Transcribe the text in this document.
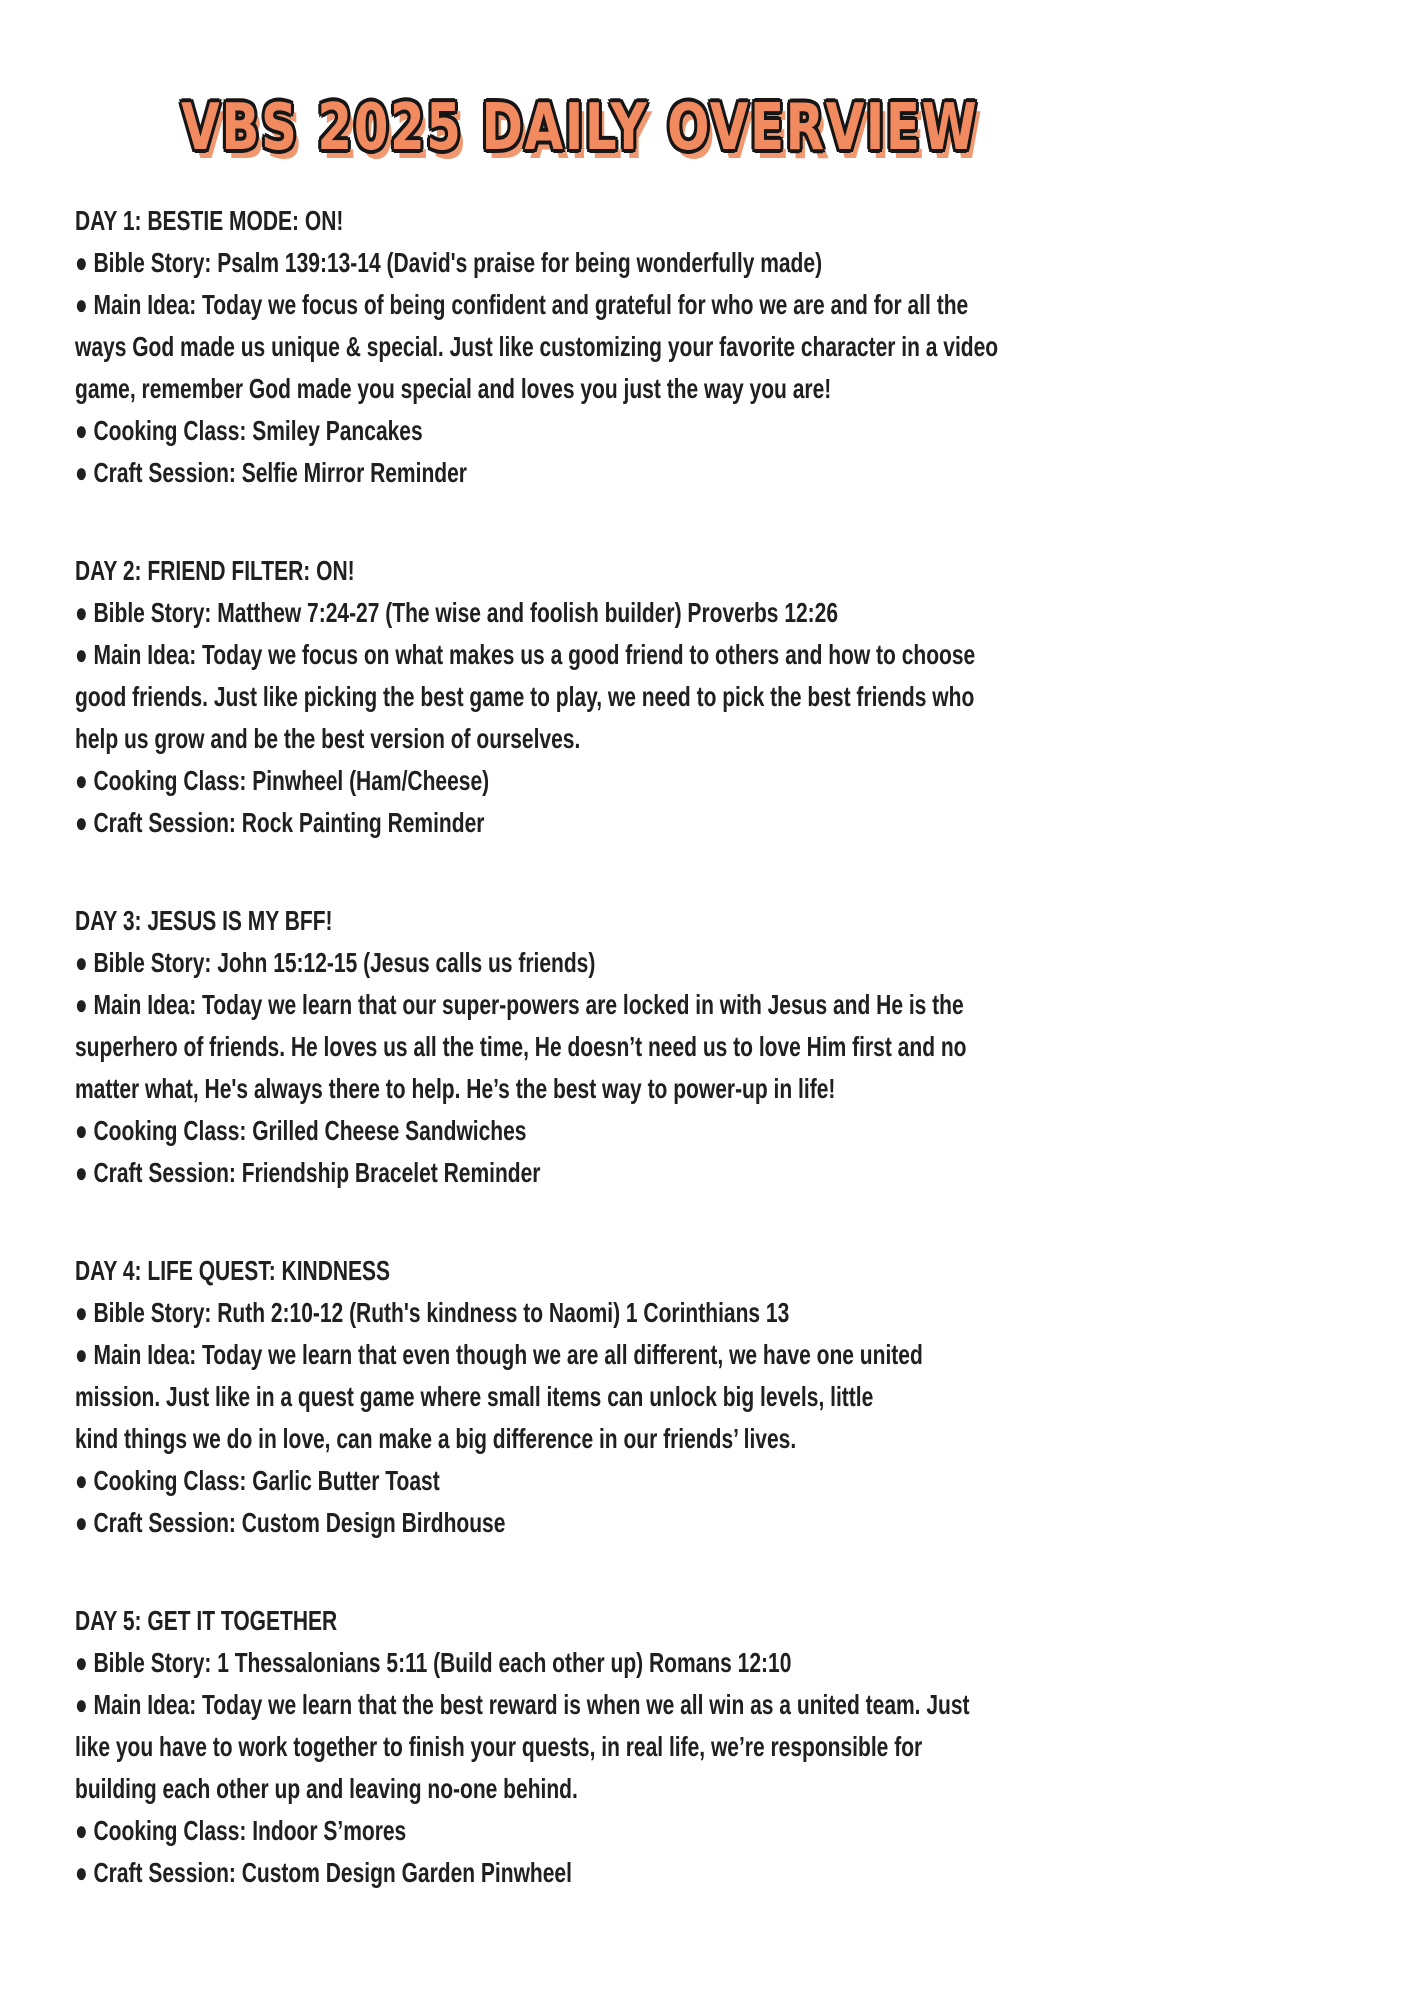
VBS 2025 DAILY OVERVIEW
DAY 1: BESTIE MODE: ON!
● Bible Story: Psalm 139:13-14 (David's praise for being wonderfully made)
● Main Idea: Today we focus of being confident and grateful for who we are and for all the
ways God made us unique & special. Just like customizing your favorite character in a video
game, remember God made you special and loves you just the way you are!
● Cooking Class: Smiley Pancakes
● Craft Session: Selfie Mirror Reminder
DAY 2: FRIEND FILTER: ON!
● Bible Story: Matthew 7:24-27 (The wise and foolish builder) Proverbs 12:26
● Main Idea: Today we focus on what makes us a good friend to others and how to choose
good friends. Just like picking the best game to play, we need to pick the best friends who
help us grow and be the best version of ourselves.
● Cooking Class: Pinwheel (Ham/Cheese)
● Craft Session: Rock Painting Reminder
DAY 3: JESUS IS MY BFF!
● Bible Story: John 15:12-15 (Jesus calls us friends)
● Main Idea: Today we learn that our super-powers are locked in with Jesus and He is the
superhero of friends. He loves us all the time, He doesn’t need us to love Him first and no
matter what, He's always there to help. He’s the best way to power-up in life!
● Cooking Class: Grilled Cheese Sandwiches
● Craft Session: Friendship Bracelet Reminder
DAY 4: LIFE QUEST: KINDNESS
● Bible Story: Ruth 2:10-12 (Ruth's kindness to Naomi) 1 Corinthians 13
● Main Idea: Today we learn that even though we are all different, we have one united
mission. Just like in a quest game where small items can unlock big levels, little
kind things we do in love, can make a big difference in our friends’ lives.
● Cooking Class: Garlic Butter Toast
● Craft Session: Custom Design Birdhouse
DAY 5: GET IT TOGETHER
● Bible Story: 1 Thessalonians 5:11 (Build each other up) Romans 12:10
● Main Idea: Today we learn that the best reward is when we all win as a united team. Just
like you have to work together to finish your quests, in real life, we’re responsible for
building each other up and leaving no-one behind.
● Cooking Class: Indoor S’mores
● Craft Session: Custom Design Garden Pinwheel
